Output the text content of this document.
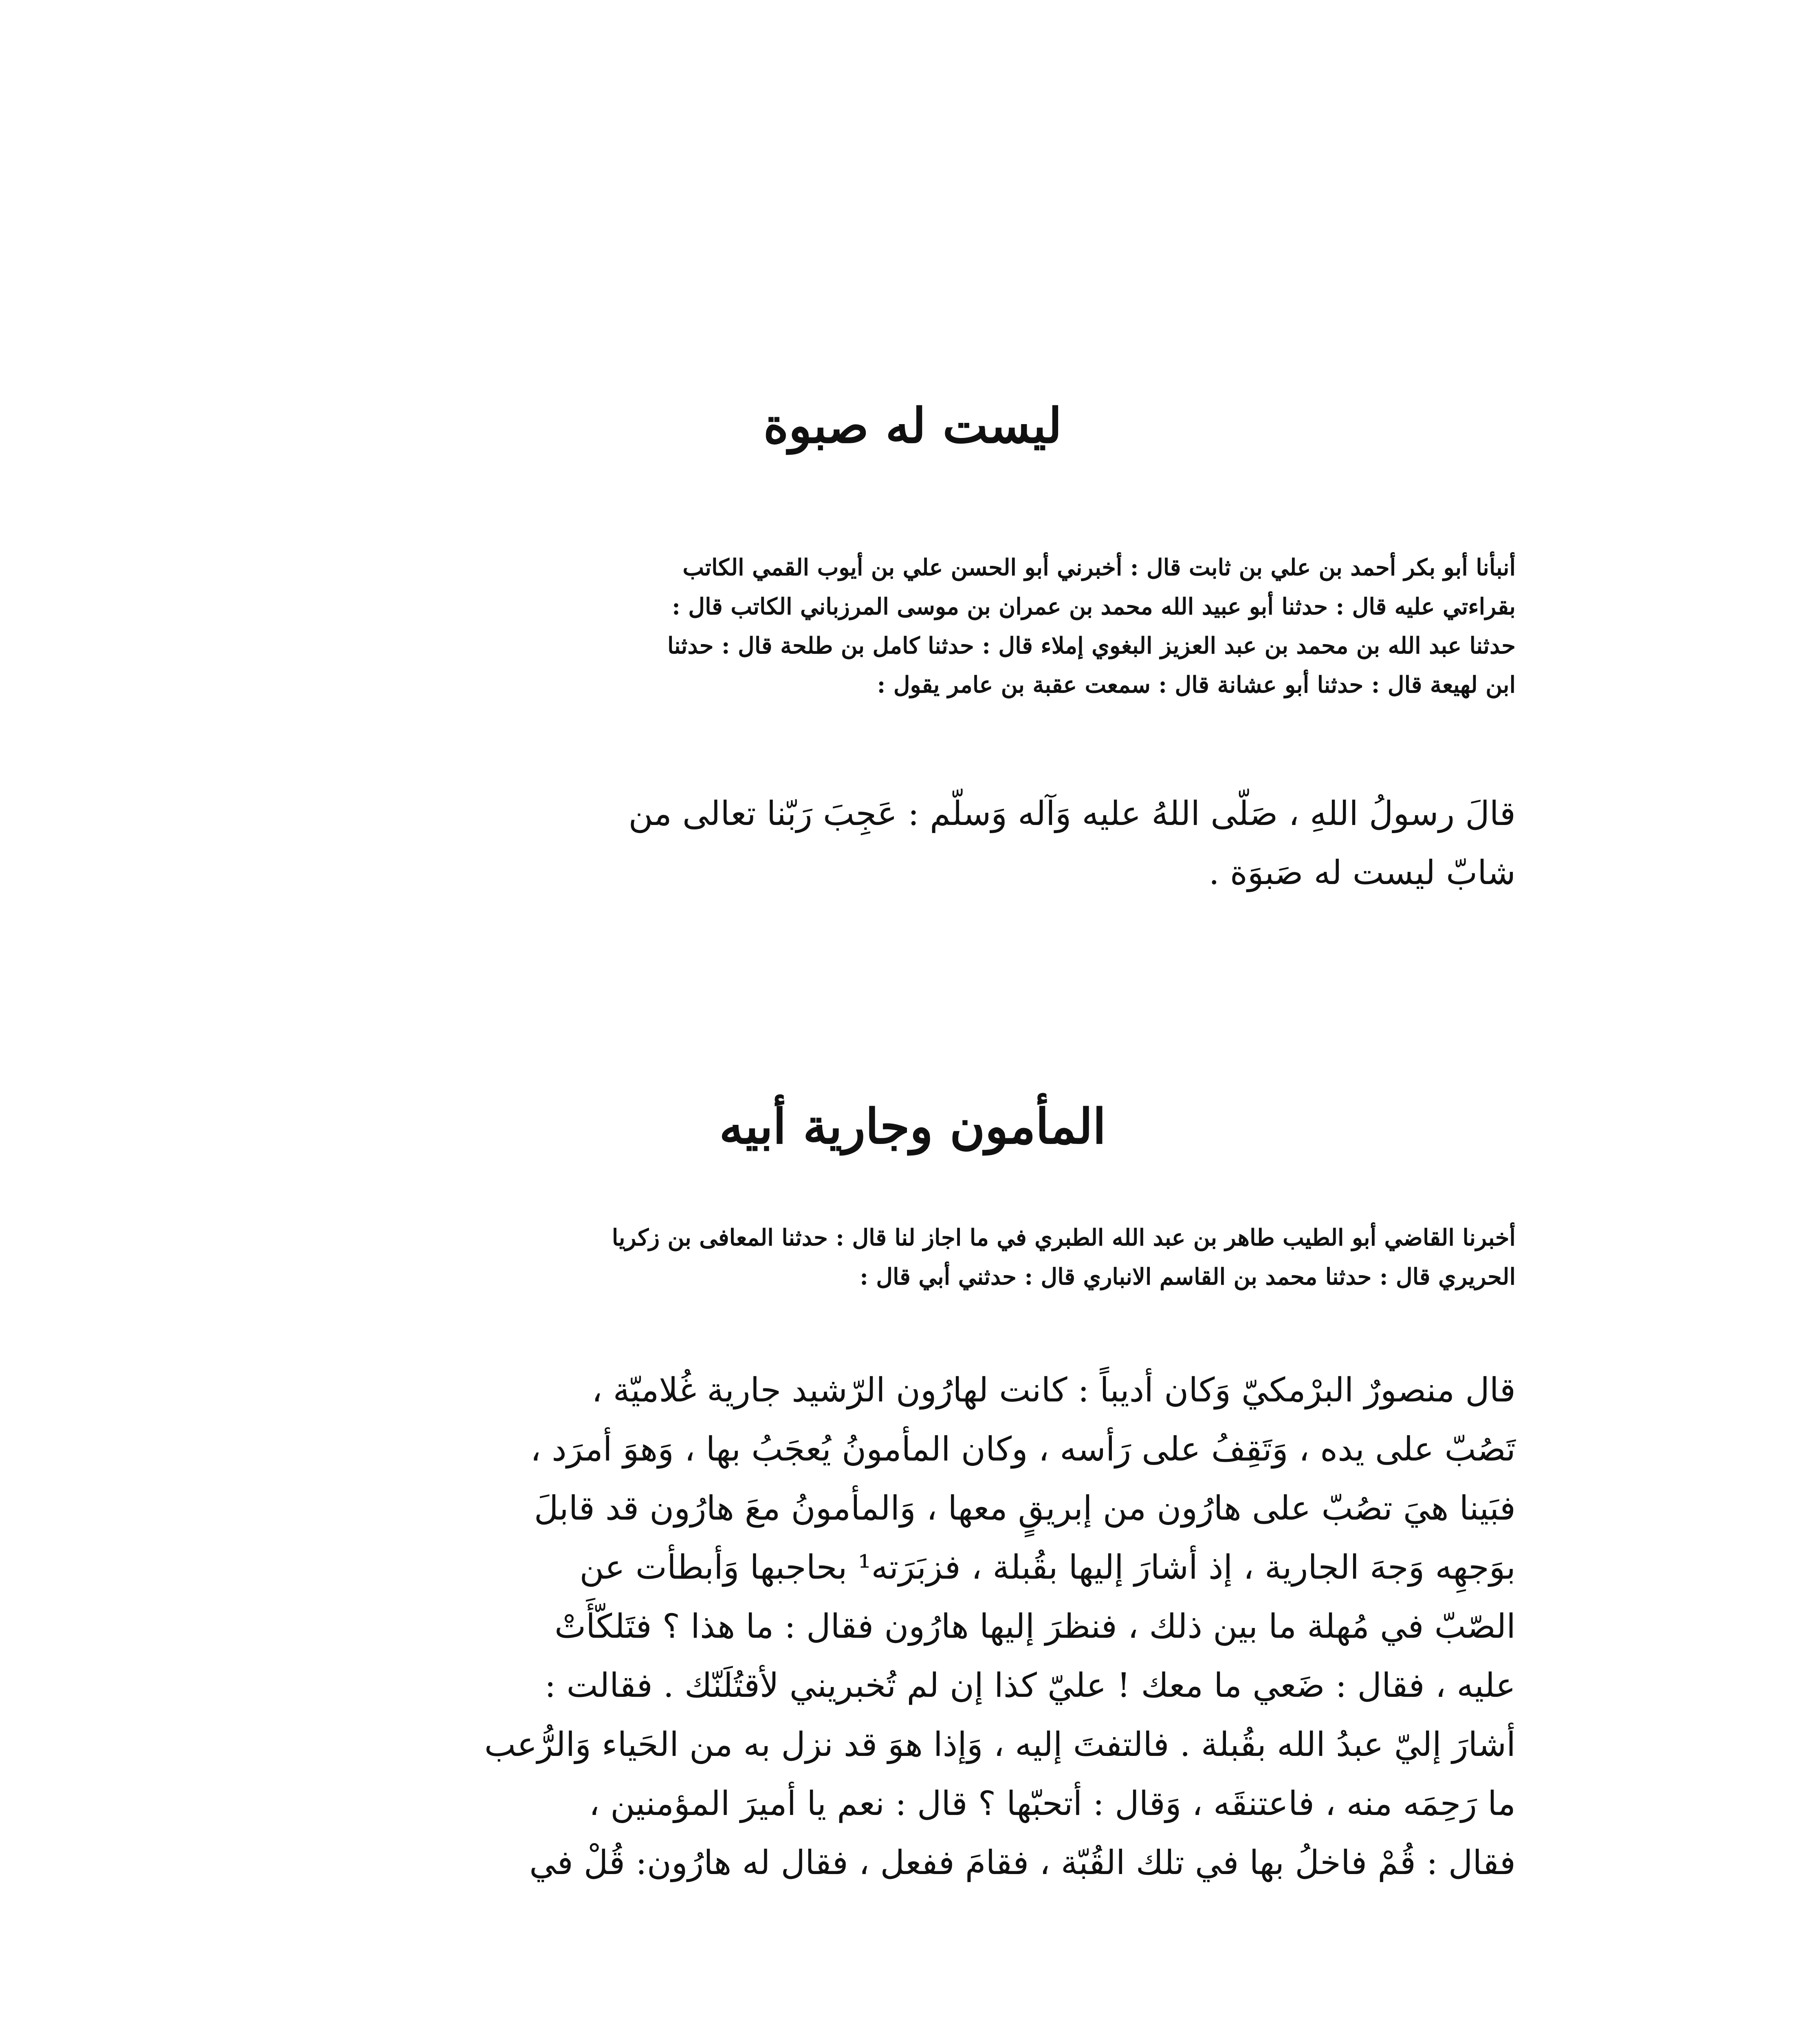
ليست له صبوة

أنبأنا أبو بكر أحمد بن علي بن ثابت قال : أخبرني أبو الحسن علي بن أيوب القمي الكاتب

بقراءتي عليه قال : حدثنا أبو عبيد الله محمد بن عمران بن موسى المرزباني الكاتب قال :

حدثنا عبد الله بن محمد بن عبد العزيز البغوي إملاء قال : حدثنا كامل بن طلحة قال : حدثنا

ابن لهيعة قال : حدثنا أبو عشانة قال : سمعت عقبة بن عامر يقول :

قالَ رسولُ اللهِ ، صَلّى اللهُ عليه وَآله وَسلّم : عَجِبَ رَبّنا تعالى من

شابّ ليست له صَبوَة .

المأمون وجارية أبيه

أخبرنا القاضي أبو الطيب طاهر بن عبد الله الطبري في ما اجاز لنا قال : حدثنا المعافى بن زكريا

الحريري قال : حدثنا محمد بن القاسم الانباري قال : حدثني أبي قال :

قال منصورٌ البرْمكيّ وَكان أديباً : كانت لهارُون الرّشيد جارية غُلاميّة ،

تَصُبّ على يده ، وَتَقِفُ على رَأسه ، وكان المأمونُ يُعجَبُ بها ، وَهوَ أمرَد ،

فبَينا هيَ تصُبّ على هارُون من إبريقٍ معها ، وَالمأمونُ معَ هارُون قد قابلَ

بوَجهِه وَجهَ الجارية ، إذ أشارَ إليها بقُبلة ، فزبَرَته¹ بحاجبها وَأبطأت عن

الصّبّ في مُهلة ما بين ذلك ، فنظرَ إليها هارُون فقال : ما هذا ؟ فتَلكّأَتْ

عليه ، فقال : ضَعي ما معك ! عليّ كذا إن لم تُخبريني لأقتُلَنّك . فقالت :

أشارَ إليّ عبدُ الله بقُبلة . فالتفتَ إليه ، وَإذا هوَ قد نزل به من الحَياء وَالرُّعب

ما رَحِمَه منه ، فاعتنقَه ، وَقال : أتحبّها ؟ قال : نعم يا أميرَ المؤمنين ،

فقال : قُمْ فاخلُ بها في تلك القُبّة ، فقامَ ففعل ، فقال له هارُون: قُلْ في
